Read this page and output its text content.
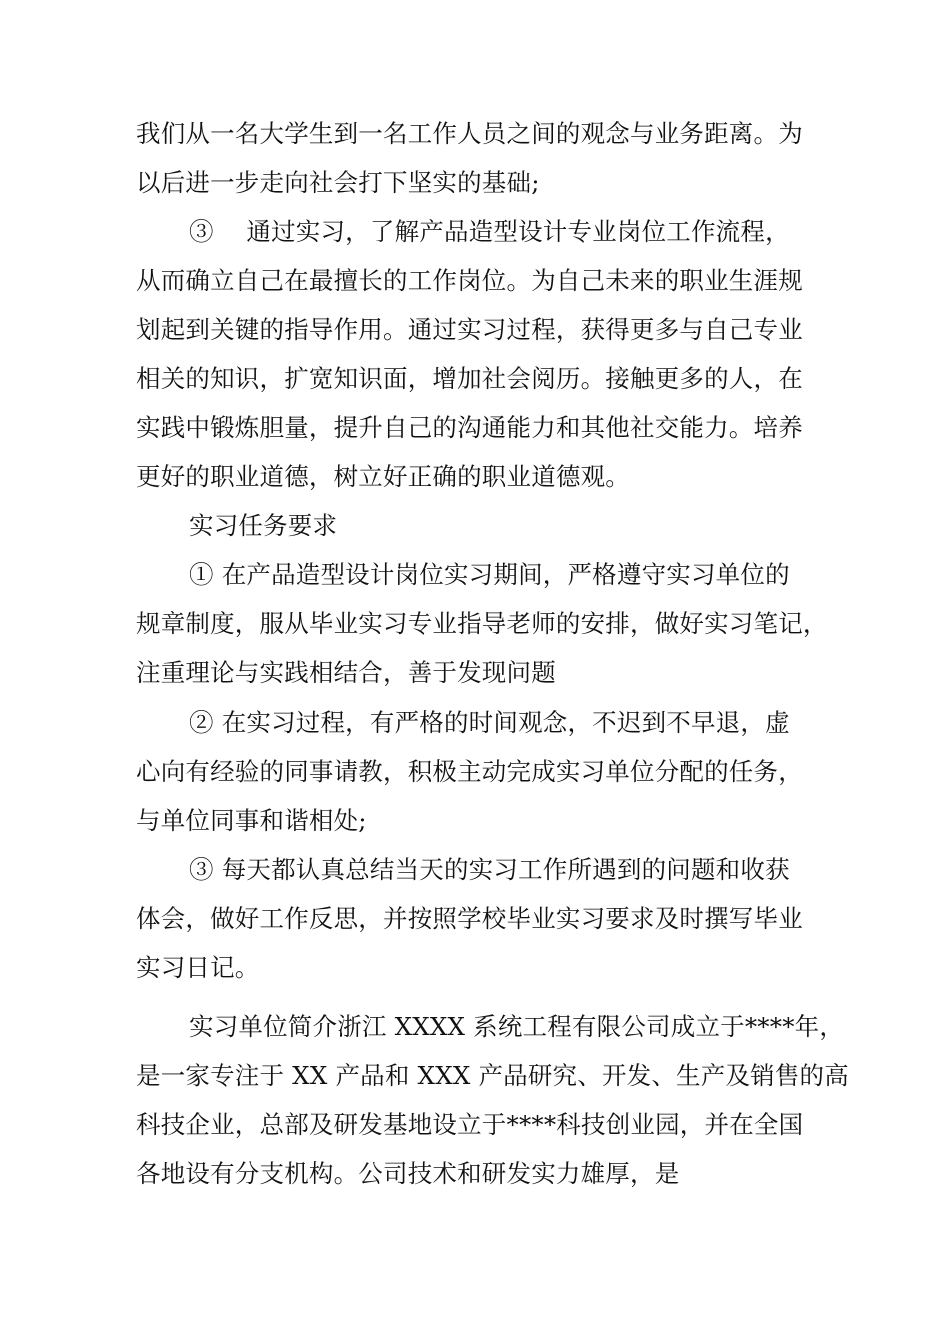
我们从一名大学生到一名工作人员之间的观念与业务距离。为
以后进一步走向社会打下坚实的基础;
③　 通过实习，了解产品造型设计专业岗位工作流程，
从而确立自己在最擅长的工作岗位。为自己未来的职业生涯规
划起到关键的指导作用。通过实习过程，获得更多与自己专业
相关的知识，扩宽知识面，增加社会阅历。接触更多的人，在
实践中锻炼胆量，提升自己的沟通能力和其他社交能力。培养
更好的职业道德，树立好正确的职业道德观。
实习任务要求
① 在产品造型设计岗位实习期间，严格遵守实习单位的
规章制度，服从毕业实习专业指导老师的安排，做好实习笔记，
注重理论与实践相结合，善于发现问题
② 在实习过程，有严格的时间观念，不迟到不早退，虚
心向有经验的同事请教，积极主动完成实习单位分配的任务，
与单位同事和谐相处;
③ 每天都认真总结当天的实习工作所遇到的问题和收获
体会，做好工作反思，并按照学校毕业实习要求及时撰写毕业
实习日记。
实习单位简介浙江 XXXX 系统工程有限公司成立于****年，
是一家专注于 XX 产品和 XXX 产品研究、开发、生产及销售的高
科技企业，总部及研发基地设立于****科技创业园，并在全国
各地设有分支机构。公司技术和研发实力雄厚，是
